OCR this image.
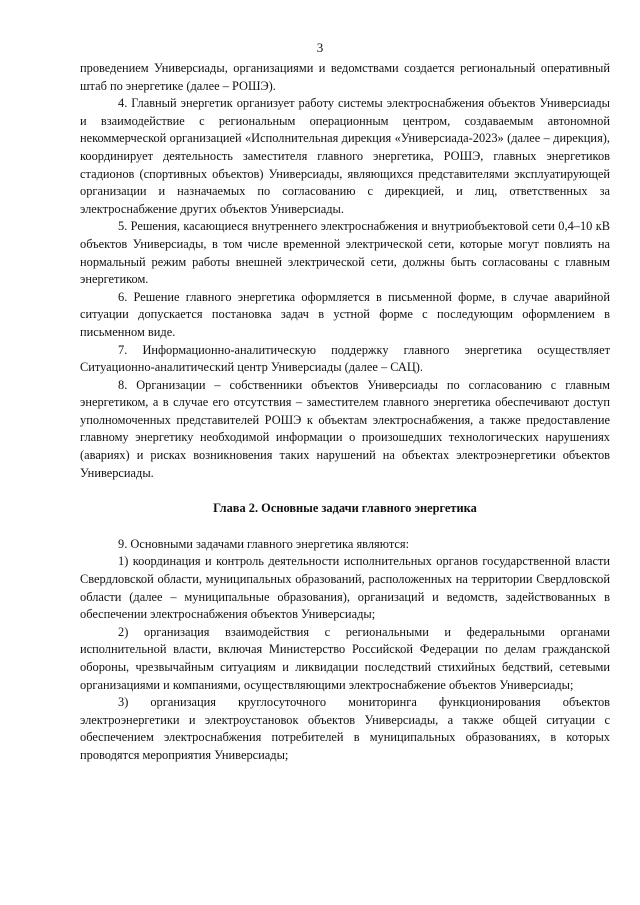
3

проведением Универсиады, организациями и ведомствами создается региональный оперативный штаб по энергетике (далее – РОШЭ).

4. Главный энергетик организует работу системы электроснабжения объектов Универсиады и взаимодействие с региональным операционным центром, создаваемым автономной некоммерческой организацией «Исполнительная дирекция «Универсиада-2023» (далее – дирекция), координирует деятельность заместителя главного энергетика, РОШЭ, главных энергетиков стадионов (спортивных объектов) Универсиады, являющихся представителями эксплуатирующей организации и назначаемых по согласованию с дирекцией, и лиц, ответственных за электроснабжение других объектов Универсиады.

5. Решения, касающиеся внутреннего электроснабжения и внутриобъектовой сети 0,4–10 кВ объектов Универсиады, в том числе временной электрической сети, которые могут повлиять на нормальный режим работы внешней электрической сети, должны быть согласованы с главным энергетиком.

6. Решение главного энергетика оформляется в письменной форме, в случае аварийной ситуации допускается постановка задач в устной форме с последующим оформлением в письменном виде.

7. Информационно-аналитическую поддержку главного энергетика осуществляет Ситуационно-аналитический центр Универсиады (далее – САЦ).

8. Организации – собственники объектов Универсиады по согласованию с главным энергетиком, а в случае его отсутствия – заместителем главного энергетика обеспечивают доступ уполномоченных представителей РОШЭ к объектам электроснабжения, а также предоставление главному энергетику необходимой информации о произошедших технологических нарушениях (авариях) и рисках возникновения таких нарушений на объектах электроэнергетики объектов Универсиады.

Глава 2. Основные задачи главного энергетика

9. Основными задачами главного энергетика являются:

1) координация и контроль деятельности исполнительных органов государственной власти Свердловской области, муниципальных образований, расположенных на территории Свердловской области (далее – муниципальные образования), организаций и ведомств, задействованных в обеспечении электроснабжения объектов Универсиады;

2) организация взаимодействия с региональными и федеральными органами исполнительной власти, включая Министерство Российской Федерации по делам гражданской обороны, чрезвычайным ситуациям и ликвидации последствий стихийных бедствий, сетевыми организациями и компаниями, осуществляющими электроснабжение объектов Универсиады;

3) организация круглосуточного мониторинга функционирования объектов электроэнергетики и электроустановок объектов Универсиады, а также общей ситуации с обеспечением электроснабжения потребителей в муниципальных образованиях, в которых проводятся мероприятия Универсиады;
